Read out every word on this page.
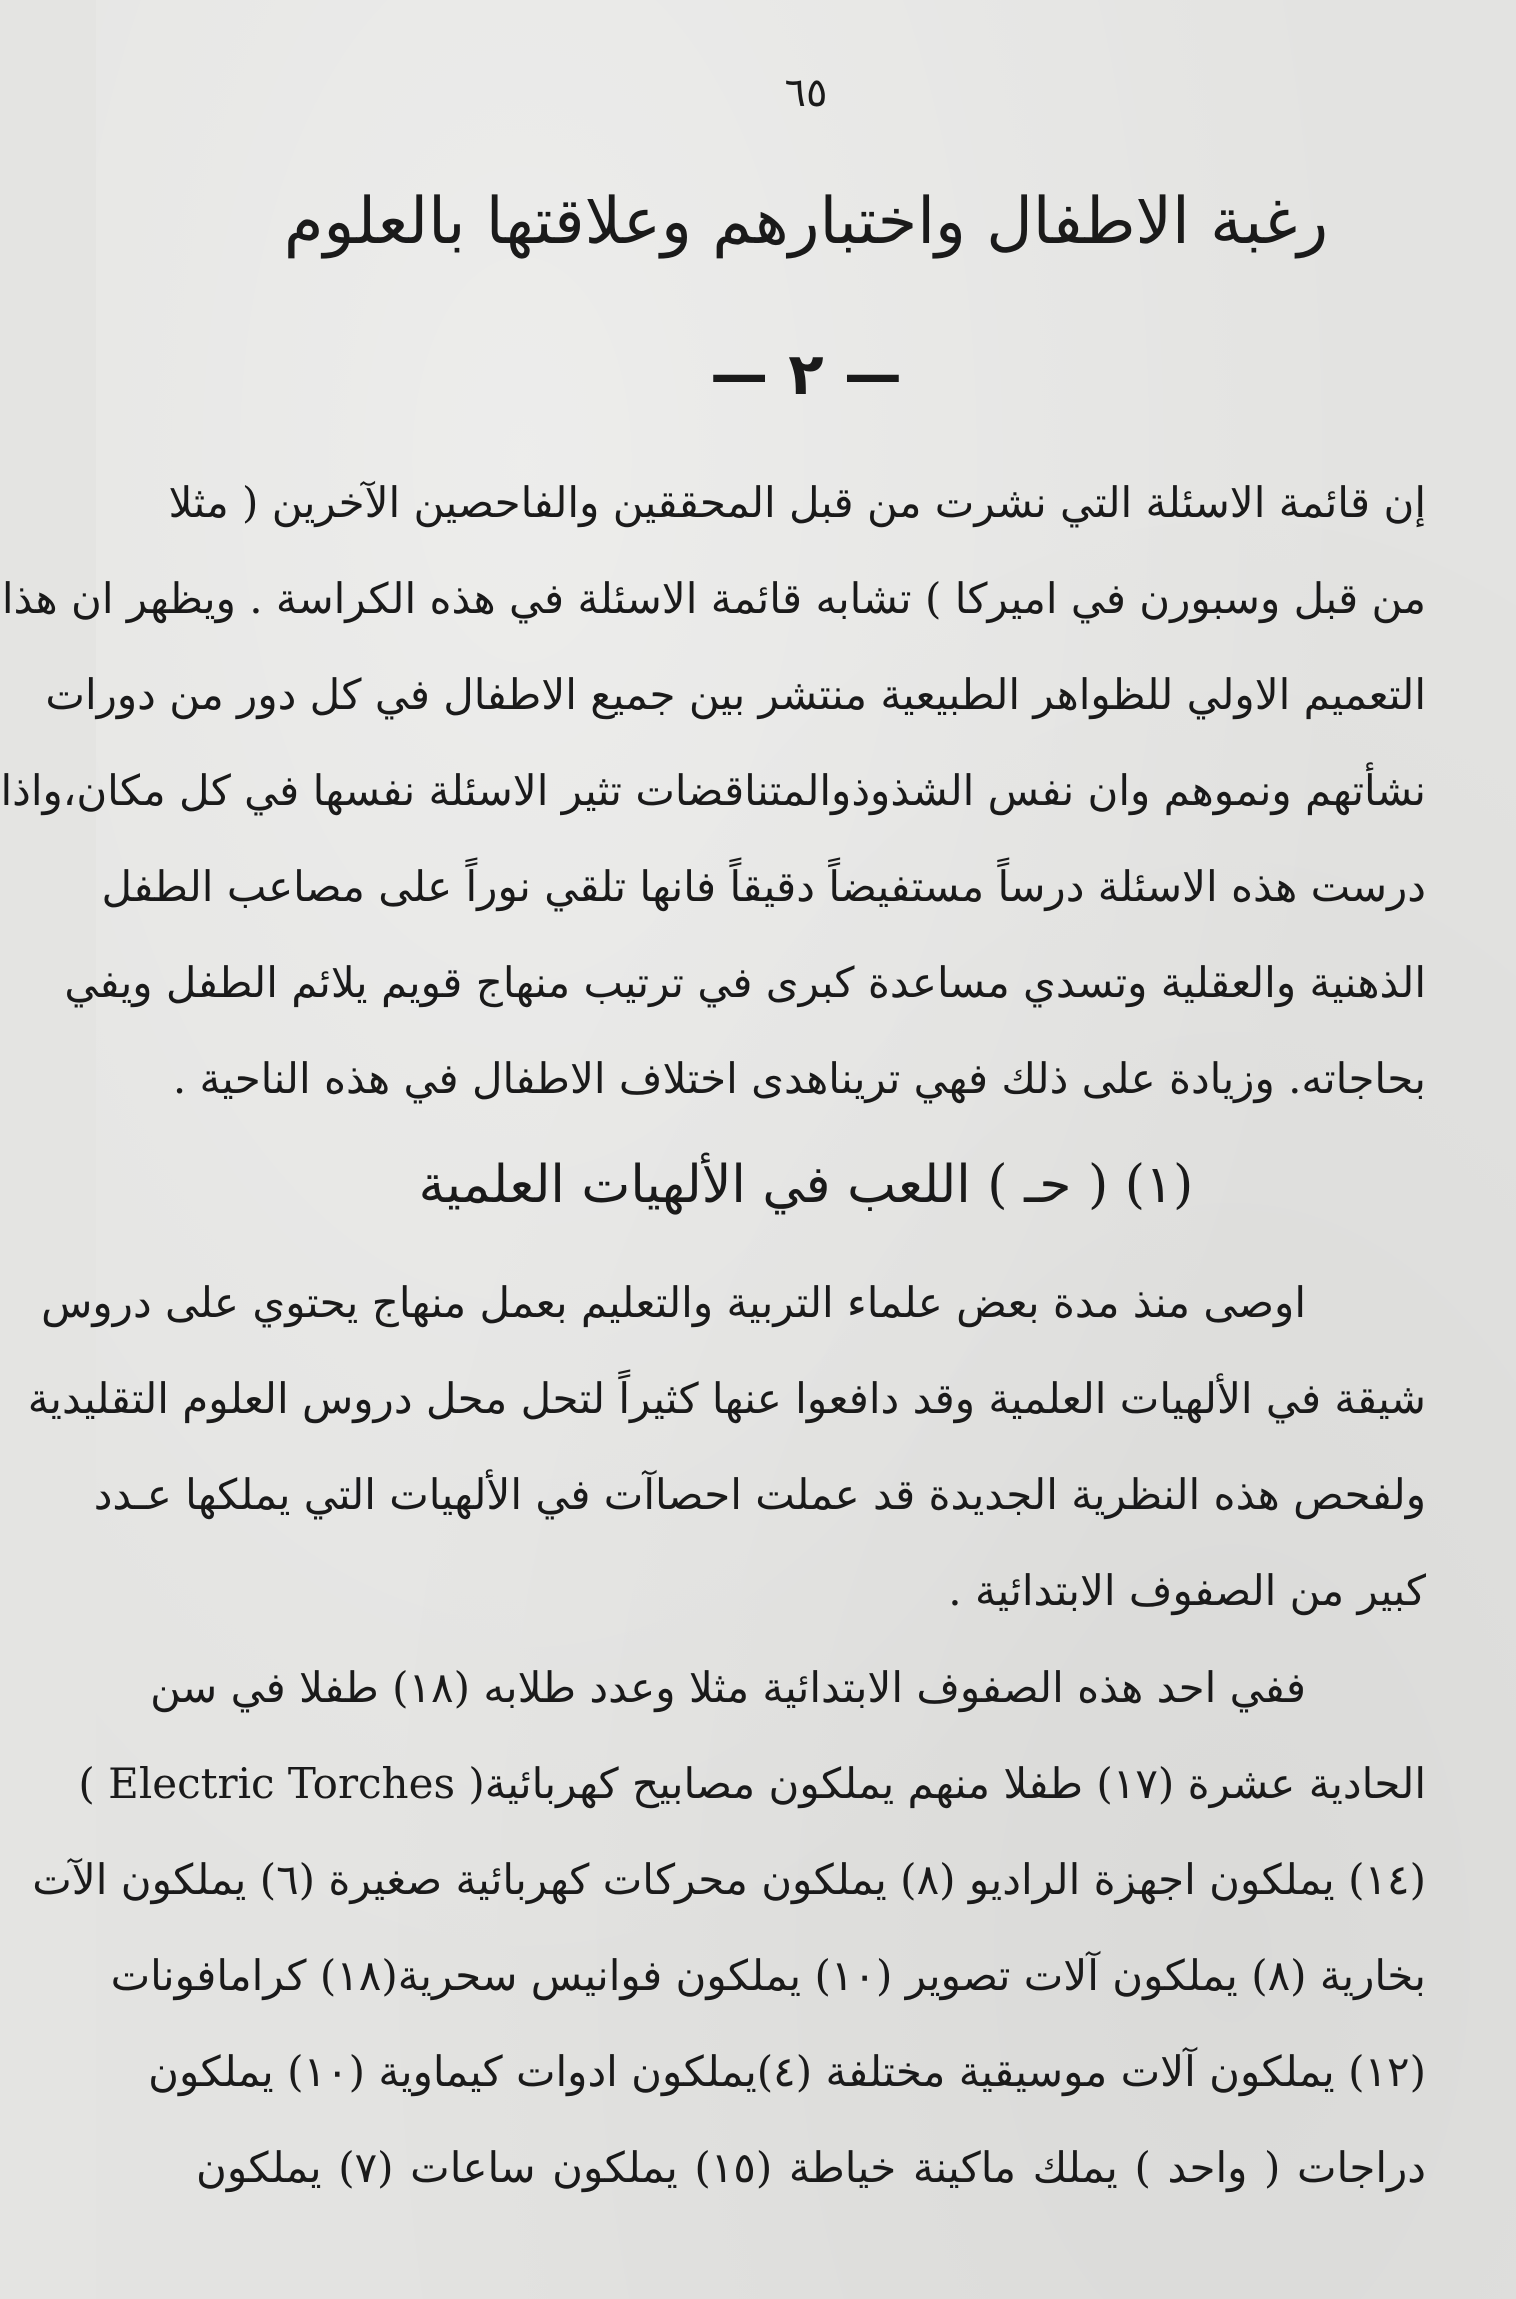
٦٥
رغبة الاطفال واختبارهم وعلاقتها بالعلوم
— ٢ —
إن قائمة الاسئلة التي نشرت من قبل المحققين والفاحصين الآخرين ( مثلا
من قبل وسبورن في اميركا ) تشابه قائمة الاسئلة في هذه الكراسة . ويظهر ان هذا
التعميم الاولي للظواهر الطبيعية منتشر بين جميع الاطفال في كل دور من دورات
نشأتهم ونموهم وان نفس الشذوذوالمتناقضات تثير الاسئلة نفسها في كل مكان،واذا
درست هذه الاسئلة درساً مستفيضاً دقيقاً فانها تلقي نوراً على مصاعب الطفل
الذهنية والعقلية وتسدي مساعدة كبرى في ترتيب منهاج قويم يلائم الطفل ويفي
بحاجاته. وزيادة على ذلك فهي تريناهدى اختلاف الاطفال في هذه الناحية .
(١) ( حـ ) اللعب في الألهيات العلمية
اوصى منذ مدة بعض علماء التربية والتعليم بعمل منهاج يحتوي على دروس
شيقة في الألهيات العلمية وقد دافعوا عنها كثيراً لتحل محل دروس العلوم التقليدية
ولفحص هذه النظرية الجديدة قد عملت احصاآت في الألهيات التي يملكها عـدد
كبير من الصفوف الابتدائية .
ففي احد هذه الصفوف الابتدائية مثلا وعدد طلابه (١٨) طفلا في سن
الحادية عشرة (١٧) طفلا منهم يملكون مصابيح كهربائية( Electric Torches )
(١٤) يملكون اجهزة الراديو (٨) يملكون محركات كهربائية صغيرة (٦) يملكون الآت
بخارية (٨) يملكون آلات تصوير (١٠) يملكون فوانيس سحرية(١٨) كرامافونات
(١٢) يملكون آلات موسيقية مختلفة (٤)يملكون ادوات كيماوية (١٠) يملكون
دراجات ( واحد ) يملك ماكينة خياطة (١٥) يملكون ساعات (٧) يملكون
